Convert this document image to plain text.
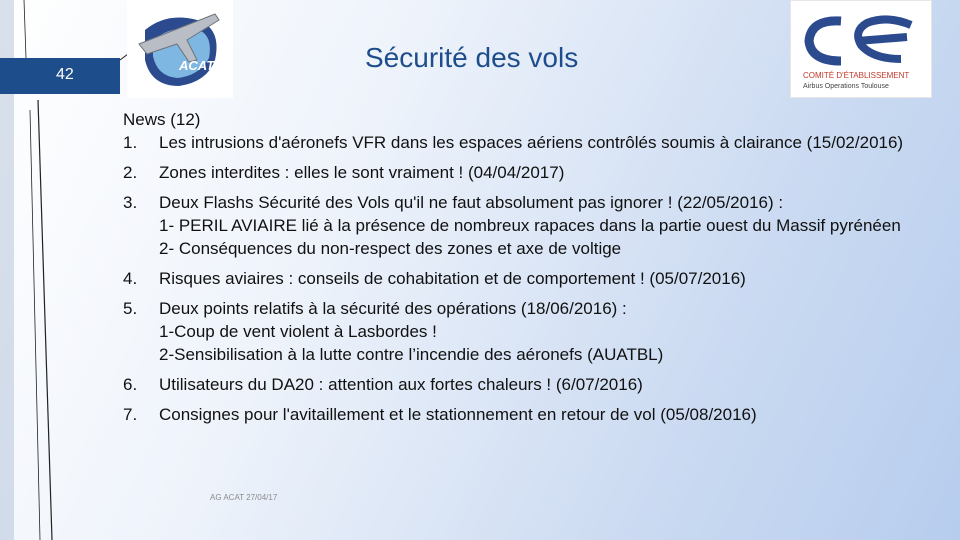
42
ACAT
COMITÉ D'ÉTABLISSEMENT
Airbus Operations Toulouse
Sécurité des vols

News (12)

1. Les intrusions d'aéronefs VFR dans les espaces aériens contrôlés soumis à clairance (15/02/2016)
2. Zones interdites : elles le sont vraiment ! (04/04/2017)
3. Deux Flashs Sécurité des Vols qu'il ne faut absolument pas ignorer ! (22/05/2016) :
1- PERIL AVIAIRE lié à la présence de nombreux rapaces dans la partie ouest du Massif pyrénéen
2- Conséquences du non-respect des zones et axe de voltige
4. Risques aviaires : conseils de cohabitation et de comportement ! (05/07/2016)
5. Deux points relatifs à la sécurité des opérations (18/06/2016) :
1-Coup de vent violent à Lasbordes !
2-Sensibilisation à la lutte contre l’incendie des aéronefs (AUATBL)
6. Utilisateurs du DA20 : attention aux fortes chaleurs ! (6/07/2016)
7. Consignes pour l'avitaillement et le stationnement en retour de vol (05/08/2016)
AG ACAT 27/04/17
